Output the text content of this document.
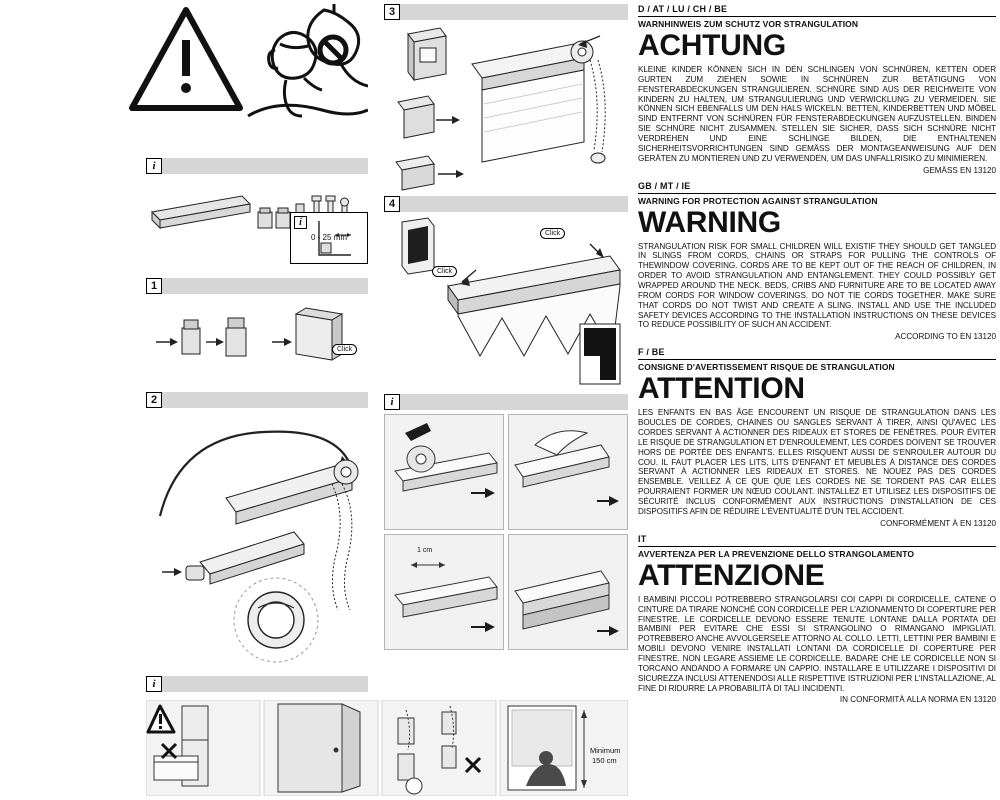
i
i
0 - 25 mm
1
Click
2
i
3
4
Click
Click
i
1 cm
Minimum
150 cm
D / AT / LU / CH / BE
WARNHINWEIS ZUM SCHUTZ VOR STRANGULATION
ACHTUNG

KLEINE KINDER KÖNNEN SICH IN DEN SCHLINGEN VON SCHNÜREN, KETTEN ODER GURTEN ZUM ZIEHEN SOWIE IN SCHNÜREN ZUR BETÄTIGUNG VON FENSTERABDECKUNGEN STRANGULIEREN. SCHNÜRE SIND AUS DER REICHWEITE VON KINDERN ZU HALTEN, UM STRANGULIERUNG UND VERWICKLUNG ZU VERMEIDEN. SIE KÖNNEN SICH EBENFALLS UM DEN HALS WICKELN. BETTEN, KINDERBETTEN UND MÖBEL SIND ENTFERNT VON SCHNÜREN FÜR FENSTERABDECKUNGEN AUFZUSTELLEN. BINDEN SIE SCHNÜRE NICHT ZUSAMMEN. STELLEN SIE SICHER, DASS SICH SCHNÜRE NICHT VERDREHEN UND EINE SCHLINGE BILDEN, DIE ENTHALTENEN SICHERHEITSVORRICHTUNGEN SIND GEMÄSS DER MONTAGEANWEISUNG AUF DEN GERÄTEN ZU MONTIEREN UND ZU VERWENDEN, UM DAS UNFALLRISIKO ZU MINIMIEREN.

GEMÄSS EN 13120

GB / MT / IE
WARNING FOR PROTECTION AGAINST STRANGULATION
WARNING

STRANGULATION RISK FOR SMALL CHILDREN WILL EXISTIF THEY SHOULD GET TANGLED IN SLINGS FROM CORDS, CHAINS OR STRAPS FOR PULLING THE CONTROLS OF THEWINDOW COVERING. CORDS ARE TO BE KEPT OUT OF THE REACH OF CHILDREN, IN ORDER TO AVOID STRANGULATION AND ENTANGLEMENT. THEY COULD POSSIBLY GET WRAPPED AROUND THE NECK. BEDS, CRIBS AND FURNITURE ARE TO BE LOCATED AWAY FROM CORDS FOR WINDOW COVERINGS. DO NOT TIE CORDS TOGETHER. MAKE SURE THAT CORDS DO NOT TWIST AND CREATE A SLING. INSTALL AND USE THE INCLUDED SAFETY DEVICES ACCORDING TO THE INSTALLATION INSTRUCTIONS ON THESE DEVICES TO REDUCE POSSIBILITY OF SUCH AN ACCIDENT.

ACCORDING TO EN 13120

F / BE
CONSIGNE D'AVERTISSEMENT RISQUE DE STRANGULATION
ATTENTION

LES ENFANTS EN BAS ÂGE ENCOURENT UN RISQUE DE STRANGULATION DANS LES BOUCLES DE CORDES, CHAINES OU SANGLES SERVANT À TIRER, AINSI QU'AVEC LES CORDES SERVANT À ACTIONNER DES RIDEAUX ET STORES DE FENÊTRES. POUR ÉVITER LE RISQUE DE STRANGULATION ET D'ENROULEMENT, LES CORDES DOIVENT SE TROUVER HORS DE PORTÉE DES ENFANTS. ELLES RISQUENT AUSSI DE S'ENROULER AUTOUR DU COU. IL FAUT PLACER LES LITS, LITS D'ENFANT ET MEUBLES À DISTANCE DES CORDES SERVANT À ACTIONNER LES RIDEAUX ET STORES. NE NOUEZ PAS DES CORDES ENSEMBLE. VEILLEZ À CE QUE QUE LES CORDES NE SE TORDENT PAS CAR ELLES POURRAIENT FORMER UN NŒUD COULANT. INSTALLEZ ET UTILISEZ LES DISPOSITIFS DE SÉCURITÉ INCLUS CONFORMÉMENT AUX INSTRUCTIONS D'INSTALLATION DE CES DISPOSITIFS AFIN DE RÉDUIRE L'ÉVENTUALITÉ D'UN TEL ACCIDENT.

CONFORMÉMENT À EN 13120

IT
AVVERTENZA PER LA PREVENZIONE DELLO STRANGOLAMENTO
ATTENZIONE

I BAMBINI PICCOLI POTREBBERO STRANGOLARSI COI CAPPI DI CORDICELLE, CATENE O CINTURE DA TIRARE NONCHÉ CON CORDICELLE PER L'AZIONAMENTO DI COPERTURE PER FINESTRE. LE CORDICELLE DEVONO ESSERE TENUTE LONTANE DALLA PORTATA DEI BAMBINI PER EVITARE CHE ESSI SI STRANGOLINO O RIMANGANO IMPIGLIATI. POTREBBERO ANCHE AVVOLGERSELE ATTORNO AL COLLO. LETTI, LETTINI PER BAMBINI E MOBILI DEVONO VENIRE INSTALLATI LONTANI DA CORDICELLE DI COPERTURE PER FINESTRE. NON LEGARE ASSIEME LE CORDICELLE. BADARE CHE LE CORDICELLE NON SI TORCANO ANDANDO A FORMARE UN CAPPIO. INSTALLARE E UTILIZZARE I DISPOSITIVI DI SICUREZZA INCLUSI ATTENENDOSI ALLE RISPETTIVE ISTRUZIONI PER L'INSTALLAZIONE, AL FINE DI RIDURRE LA PROBABILITÀ DI TALI INCIDENTI.

IN CONFORMITÀ ALLA NORMA EN 13120
